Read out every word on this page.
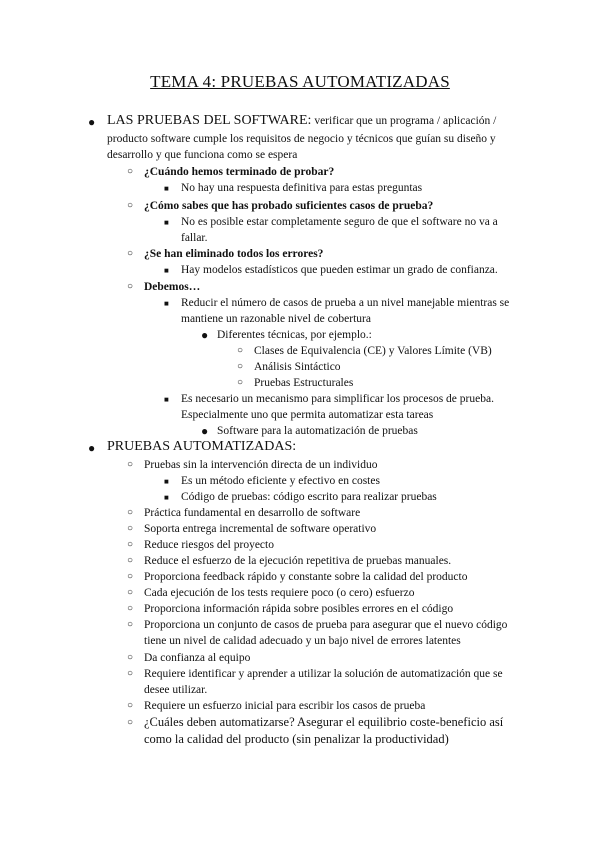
TEMA 4: PRUEBAS AUTOMATIZADAS
● LAS PRUEBAS DEL SOFTWARE: verificar que un programa / aplicación /
producto software cumple los requisitos de negocio y técnicos que guían su diseño y
desarrollo y que funciona como se espera
○ ¿Cuándo hemos terminado de probar?
■ No hay una respuesta definitiva para estas preguntas
○ ¿Cómo sabes que has probado suficientes casos de prueba?
■ No es posible estar completamente seguro de que el software no va a
fallar.
○ ¿Se han eliminado todos los errores?
■ Hay modelos estadísticos que pueden estimar un grado de confianza.
○ Debemos…
■ Reducir el número de casos de prueba a un nivel manejable mientras se
mantiene un razonable nivel de cobertura
● Diferentes técnicas, por ejemplo.:
○ Clases de Equivalencia (CE) y Valores Límite (VB)
○ Análisis Sintáctico
○ Pruebas Estructurales
■ Es necesario un mecanismo para simplificar los procesos de prueba.
Especialmente uno que permita automatizar esta tareas
● Software para la automatización de pruebas
● PRUEBAS AUTOMATIZADAS:
○ Pruebas sin la intervención directa de un individuo
■ Es un método eficiente y efectivo en costes
■ Código de pruebas: código escrito para realizar pruebas
○ Práctica fundamental en desarrollo de software
○ Soporta entrega incremental de software operativo
○ Reduce riesgos del proyecto
○ Reduce el esfuerzo de la ejecución repetitiva de pruebas manuales.
○ Proporciona feedback rápido y constante sobre la calidad del producto
○ Cada ejecución de los tests requiere poco (o cero) esfuerzo
○ Proporciona información rápida sobre posibles errores en el código
○ Proporciona un conjunto de casos de prueba para asegurar que el nuevo código
tiene un nivel de calidad adecuado y un bajo nivel de errores latentes
○ Da confianza al equipo
○ Requiere identificar y aprender a utilizar la solución de automatización que se
desee utilizar.
○ Requiere un esfuerzo inicial para escribir los casos de prueba
○ ¿Cuáles deben automatizarse? Asegurar el equilibrio coste-beneficio así
como la calidad del producto (sin penalizar la productividad)
